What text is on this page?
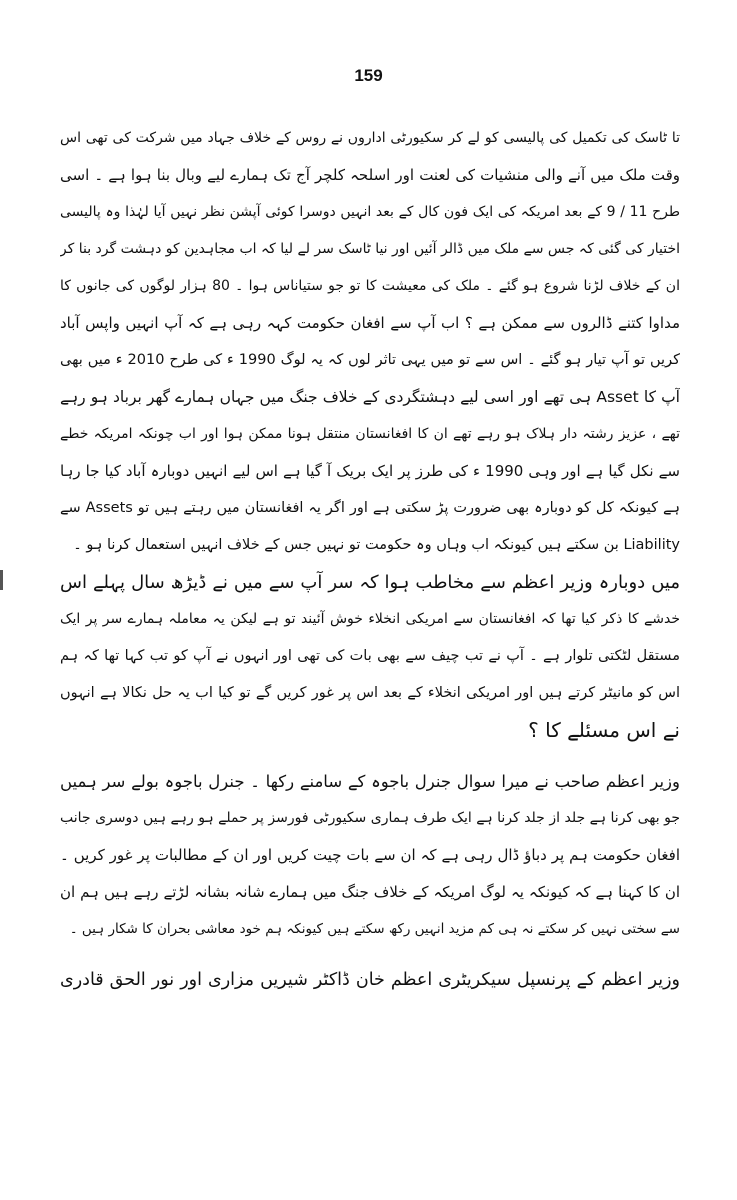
159
تا ٹاسک کی تکمیل کی پالیسی کو لے کر سکیورٹی اداروں نے روس کے خلاف جہاد میں شرکت کی تھی اس
وقت ملک میں آنے والی منشیات کی لعنت اور اسلحہ کلچر آج تک ہمارے لیے وبال بنا ہوا ہے ۔ اسی
طرح 11 / 9 کے بعد امریکہ کی ایک فون کال کے بعد انہیں دوسرا کوئی آپشن نظر نہیں آیا لہٰذا وہ پالیسی
اختیار کی گئی کہ جس سے ملک میں ڈالر آئیں اور نیا ٹاسک سر لے لیا کہ اب مجاہدین کو دہشت گرد بنا کر
ان کے خلاف لڑنا شروع ہو گئے ۔ ملک کی معیشت کا تو جو ستیاناس ہوا ۔ 80 ہزار لوگوں کی جانوں کا
مداوا کتنے ڈالروں سے ممکن ہے ؟ اب آپ سے افغان حکومت کہہ رہی ہے کہ آپ انہیں واپس آباد
کریں تو آپ تیار ہو گئے ۔ اس سے تو میں یہی تاثر لوں کہ یہ لوگ 1990 ء کی طرح 2010 ء میں بھی
آپ کا Asset ہی تھے اور اسی لیے دہشتگردی کے خلاف جنگ میں جہاں ہمارے گھر برباد ہو رہے
تھے ، عزیز رشتہ دار ہلاک ہو رہے تھے ان کا افغانستان منتقل ہونا ممکن ہوا اور اب چونکہ امریکہ خطے
سے نکل گیا ہے اور وہی 1990 ء کی طرز پر ایک بریک آ گیا ہے اس لیے انہیں دوبارہ آباد کیا جا رہا
ہے کیونکہ کل کو دوبارہ بھی ضرورت پڑ سکتی ہے اور اگر یہ افغانستان میں رہتے ہیں تو Assets سے
Liability بن سکتے ہیں کیونکہ اب وہاں وہ حکومت تو نہیں جس کے خلاف انہیں استعمال کرنا ہو ۔
میں دوبارہ وزیر اعظم سے مخاطب ہوا کہ سر آپ سے میں نے ڈیڑھ سال پہلے اس
خدشے کا ذکر کیا تھا کہ افغانستان سے امریکی انخلاء خوش آئیند تو ہے لیکن یہ معاملہ ہمارے سر پر ایک
مستقل لٹکتی تلوار ہے ۔ آپ نے تب چیف سے بھی بات کی تھی اور انہوں نے آپ کو تب کہا تھا کہ ہم
اس کو مانیٹر کرتے ہیں اور امریکی انخلاء کے بعد اس پر غور کریں گے تو کیا اب یہ حل نکالا ہے انہوں
نے اس مسئلے کا ؟
وزیر اعظم صاحب نے میرا سوال جنرل باجوہ کے سامنے رکھا ۔ جنرل باجوہ بولے سر ہمیں
جو بھی کرنا ہے جلد از جلد کرنا ہے ایک طرف ہماری سکیورٹی فورسز پر حملے ہو رہے ہیں دوسری جانب
افغان حکومت ہم پر دباؤ ڈال رہی ہے کہ ان سے بات چیت کریں اور ان کے مطالبات پر غور کریں ۔
ان کا کہنا ہے کہ کیونکہ یہ لوگ امریکہ کے خلاف جنگ میں ہمارے شانہ بشانہ لڑتے رہے ہیں ہم ان
سے سختی نہیں کر سکتے نہ ہی کم مزید انہیں رکھ سکتے ہیں کیونکہ ہم خود معاشی بحران کا شکار ہیں ۔
وزیر اعظم کے پرنسپل سیکریٹری اعظم خان ڈاکٹر شیریں مزاری اور نور الحق قادری
